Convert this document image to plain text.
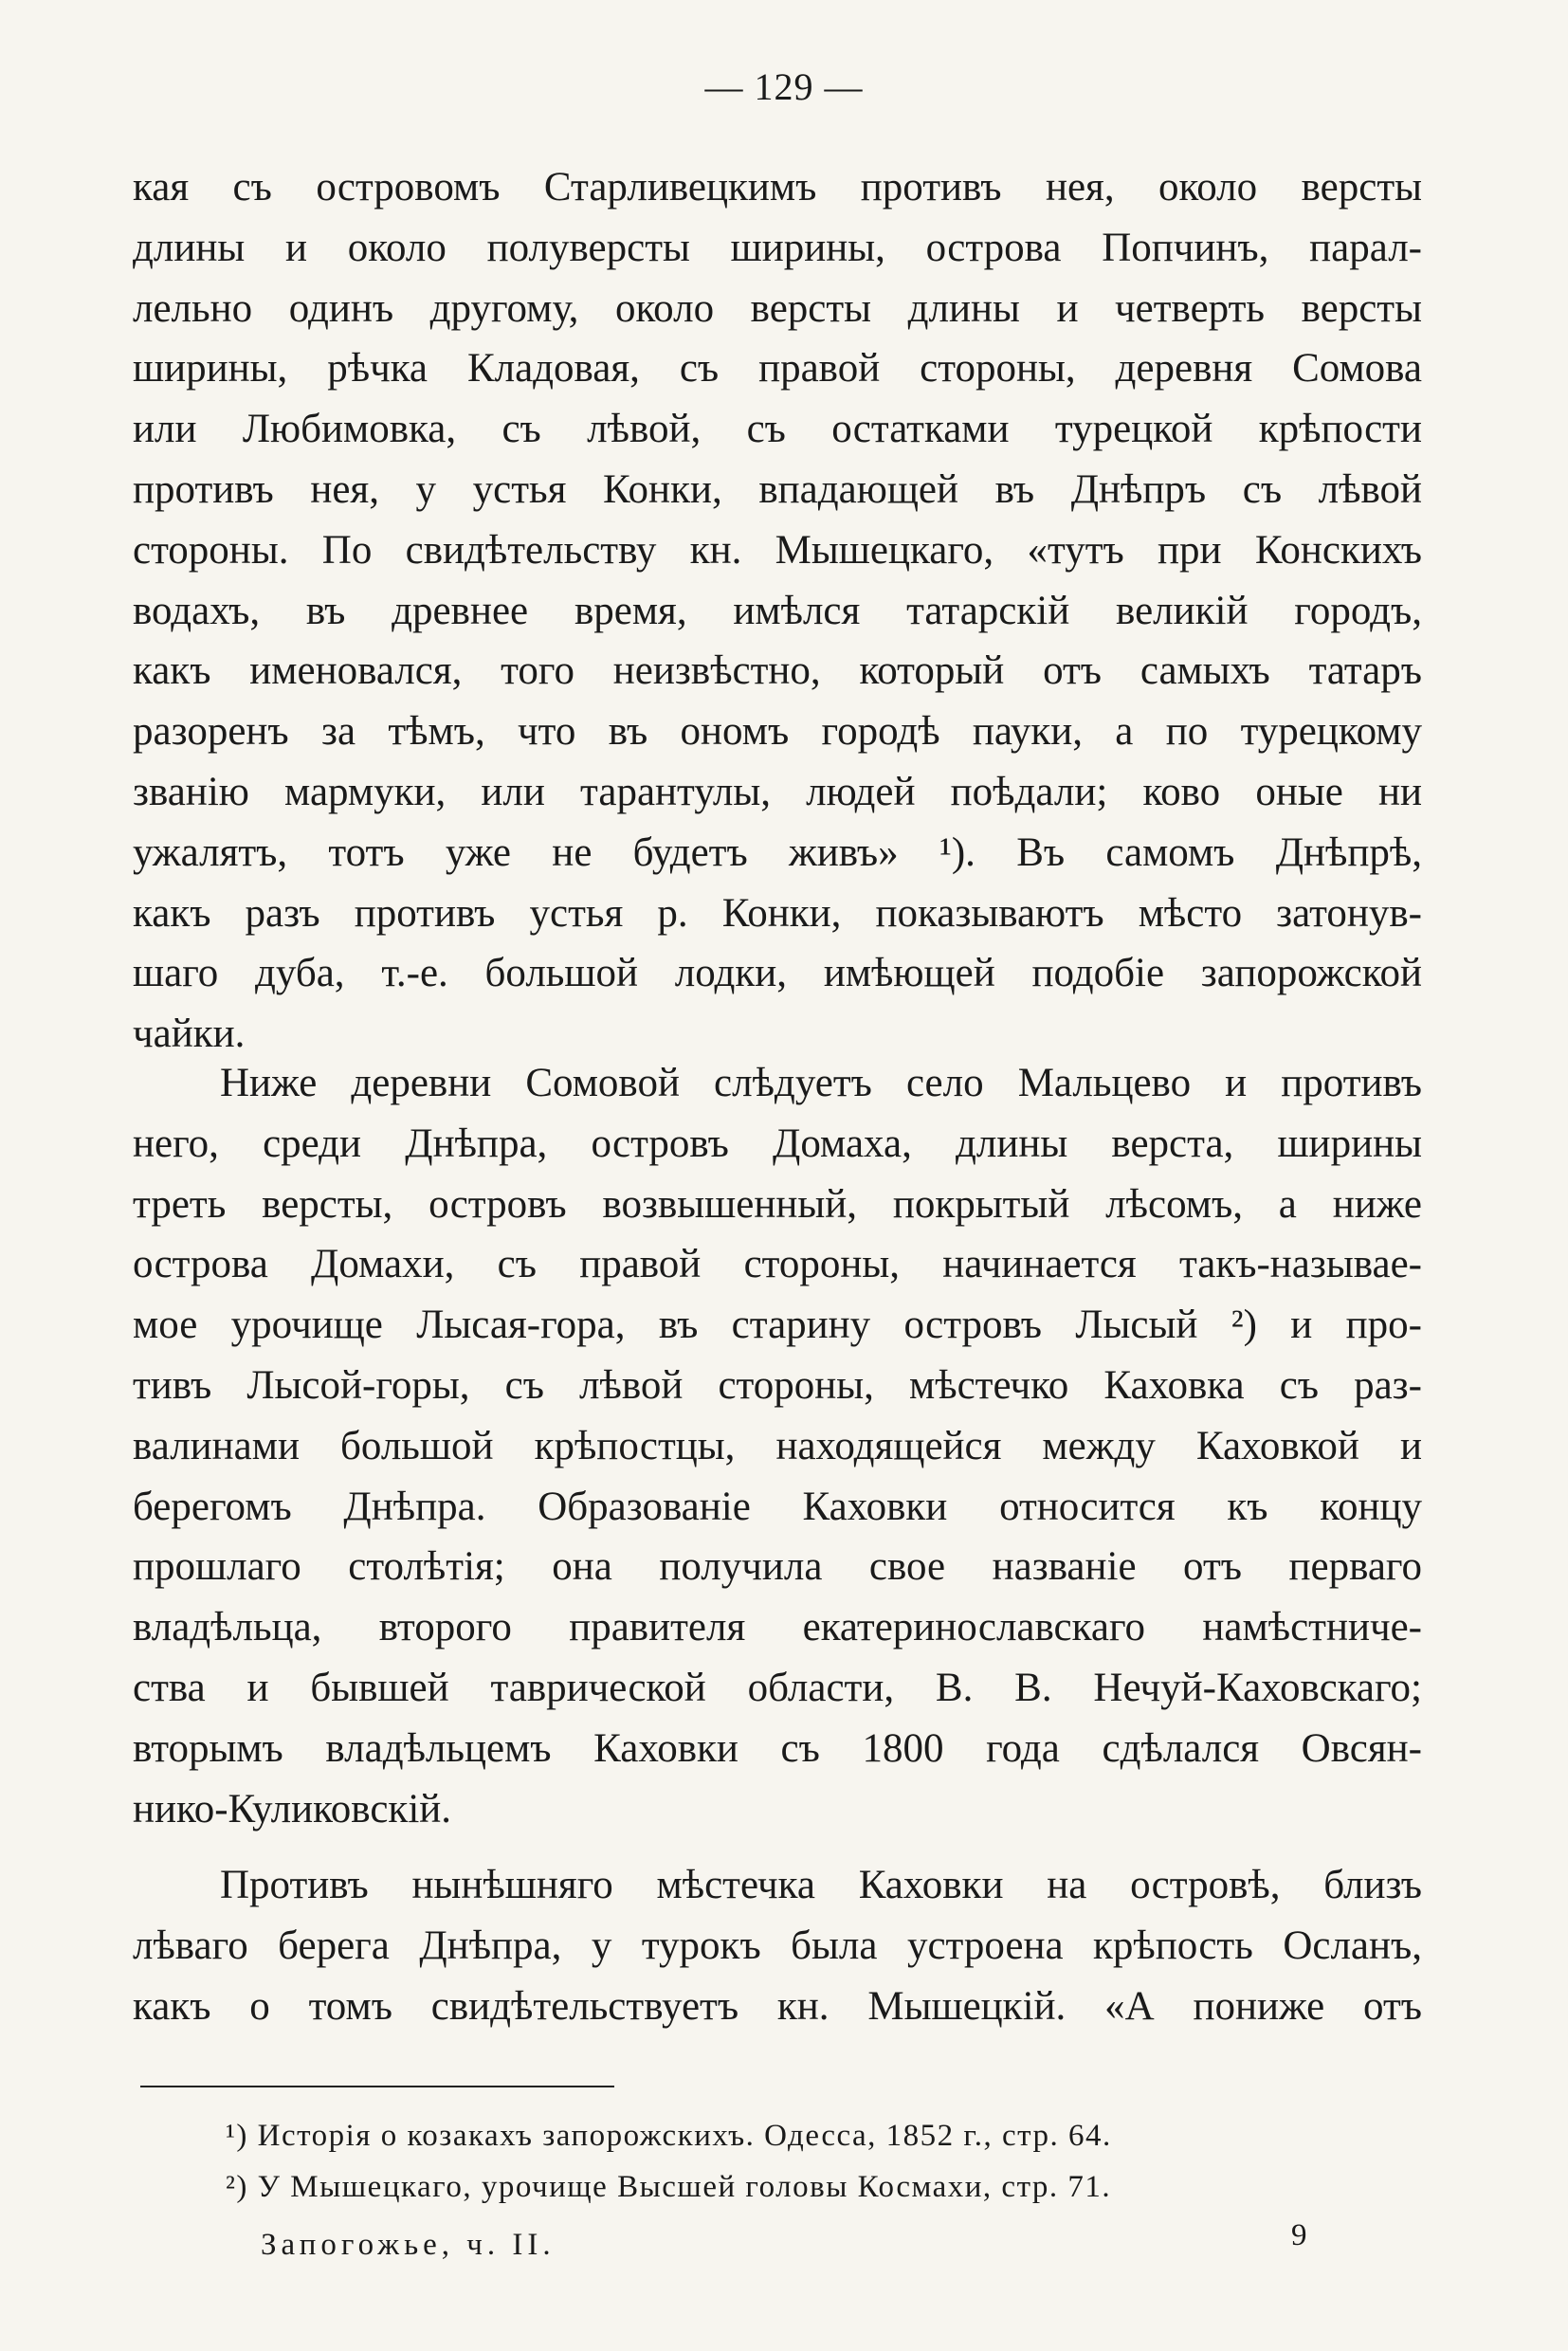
— 129 —
кая съ островомъ Старливецкимъ противъ нея, около версты
длины и около полуверсты ширины, острова Попчинъ, парал-
лельно одинъ другому, около версты длины и четверть версты
ширины, рѣчка Кладовая, съ правой стороны, деревня Сомова
или Любимовка, съ лѣвой, съ остатками турецкой крѣпости
противъ нея, у устья Конки, впадающей въ Днѣпръ съ лѣвой
стороны. По свидѣтельству кн. Мышецкаго, «тутъ при Конскихъ
водахъ, въ древнее время, имѣлся татарскій великій городъ,
какъ именовался, того неизвѣстно, который отъ самыхъ татаръ
разоренъ за тѣмъ, что въ ономъ городѣ пауки, а по турецкому
званію мармуки, или тарантулы, людей поѣдали; ково оные ни
ужалятъ, тотъ уже не будетъ живъ» ¹). Въ самомъ Днѣпрѣ,
какъ разъ противъ устья р. Конки, показываютъ мѣсто затонув-
шаго дуба, т.-е. большой лодки, имѣющей подобіе запорожской
чайки.
Ниже деревни Сомовой слѣдуетъ село Мальцево и противъ
него, среди Днѣпра, островъ Домаха, длины верста, ширины
треть версты, островъ возвышенный, покрытый лѣсомъ, а ниже
острова Домахи, съ правой стороны, начинается такъ-называе-
мое урочище Лысая-гора, въ старину островъ Лысый ²) и про-
тивъ Лысой-горы, съ лѣвой стороны, мѣстечко Каховка съ раз-
валинами большой крѣпостцы, находящейся между Каховкой и
берегомъ Днѣпра. Образованіе Каховки относится къ концу
прошлаго столѣтія; она получила свое названіе отъ перваго
владѣльца, второго правителя екатеринославскаго намѣстниче-
ства и бывшей таврической области, В. В. Нечуй-Каховскаго;
вторымъ владѣльцемъ Каховки съ 1800 года сдѣлался Овсян-
нико-Куликовскій.
Противъ нынѣшняго мѣстечка Каховки на островѣ, близъ
лѣваго берега Днѣпра, у турокъ была устроена крѣпость Осланъ,
какъ о томъ свидѣтельствуетъ кн. Мышецкій. «А пониже отъ
¹) Исторія о козакахъ запорожскихъ. Одесса, 1852 г., стр. 64.
²) У Мышецкаго, урочище Высшей головы Космахи, стр. 71.
Запогожье, ч. II.	9
